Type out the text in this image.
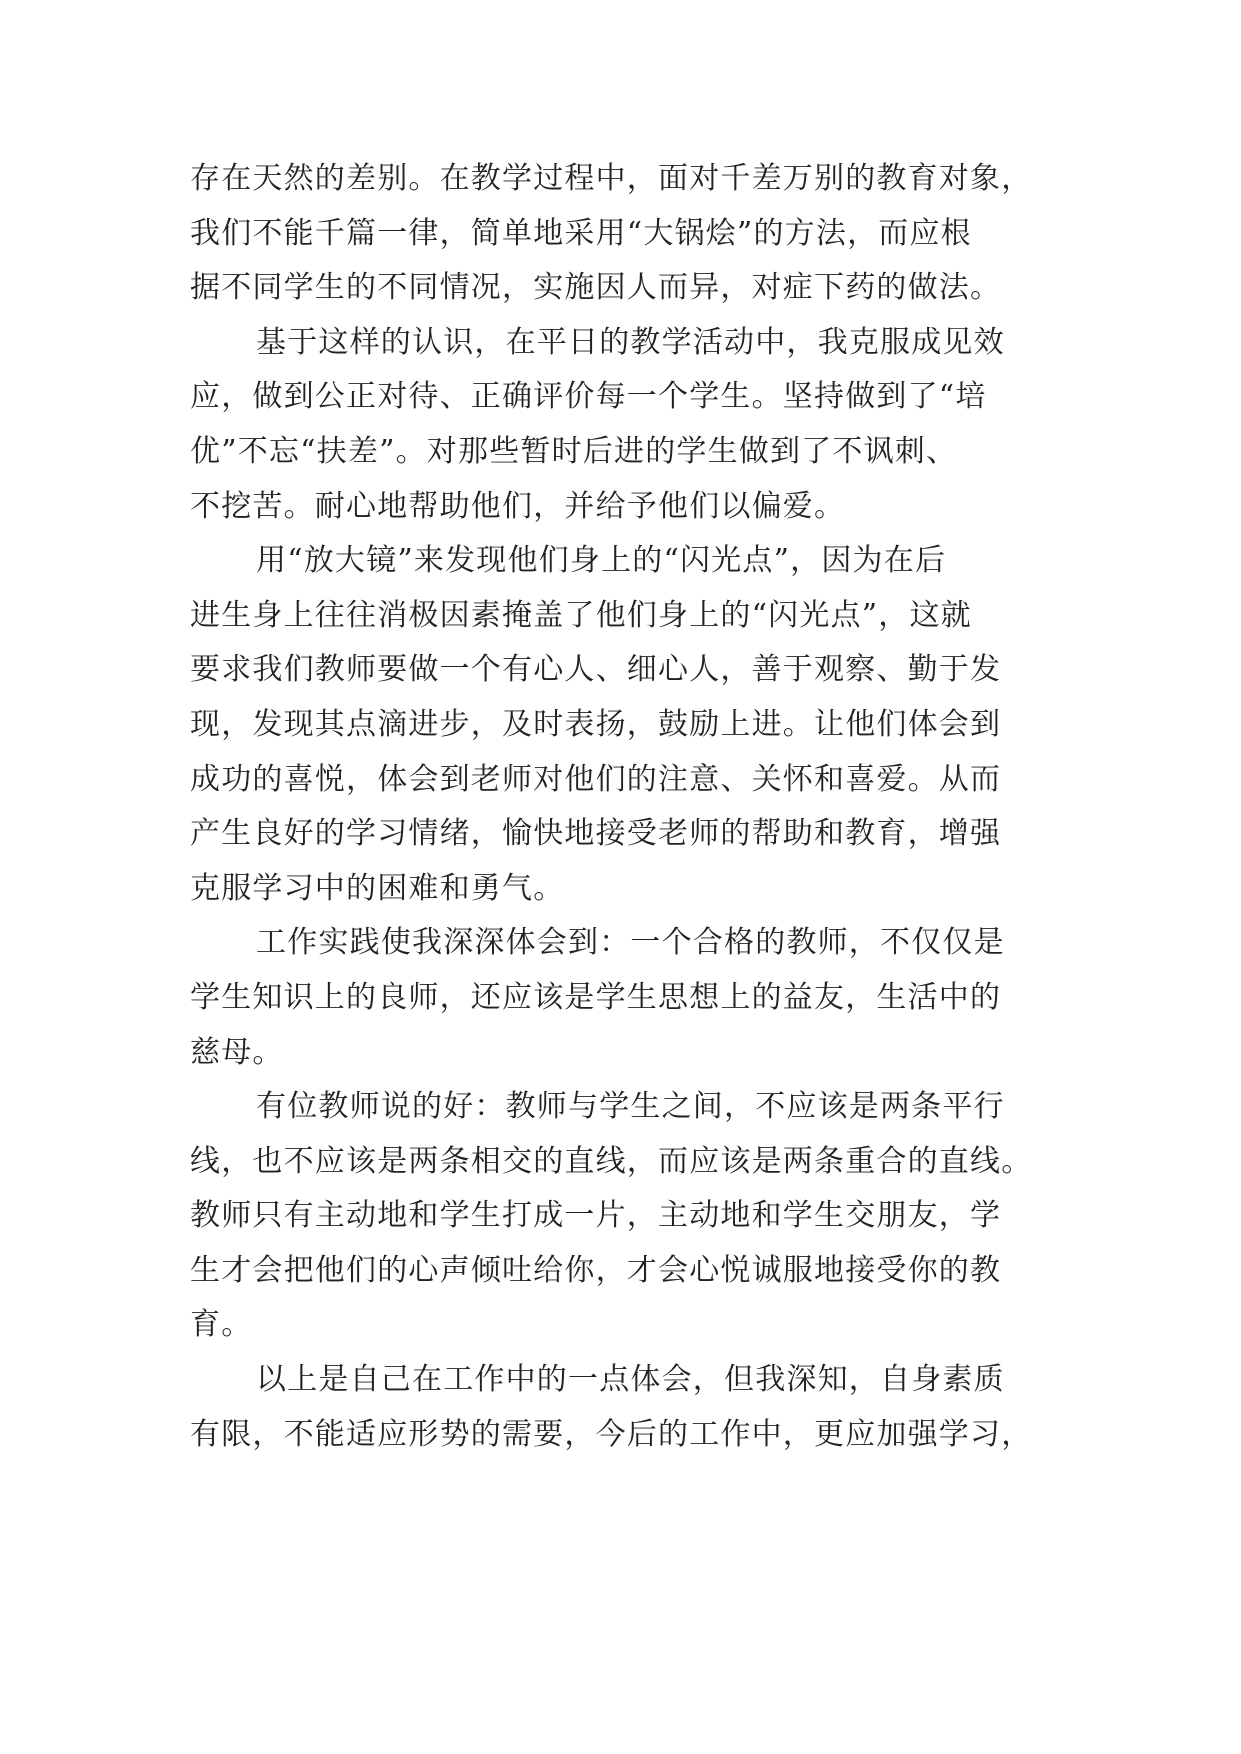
存在天然的差别。在教学过程中，面对千差万别的教育对象，
我们不能千篇一律，简单地采用“大锅烩”的方法，而应根
据不同学生的不同情况，实施因人而异，对症下药的做法。
基于这样的认识，在平日的教学活动中，我克服成见效
应，做到公正对待、正确评价每一个学生。坚持做到了“培
优”不忘“扶差”。对那些暂时后进的学生做到了不讽刺、
不挖苦。耐心地帮助他们，并给予他们以偏爱。
用“放大镜”来发现他们身上的“闪光点”，因为在后
进生身上往往消极因素掩盖了他们身上的“闪光点”，这就
要求我们教师要做一个有心人、细心人，善于观察、勤于发
现，发现其点滴进步，及时表扬，鼓励上进。让他们体会到
成功的喜悦，体会到老师对他们的注意、关怀和喜爱。从而
产生良好的学习情绪，愉快地接受老师的帮助和教育，增强
克服学习中的困难和勇气。
工作实践使我深深体会到：一个合格的教师，不仅仅是
学生知识上的良师，还应该是学生思想上的益友，生活中的
慈母。
有位教师说的好：教师与学生之间，不应该是两条平行
线，也不应该是两条相交的直线，而应该是两条重合的直线。
教师只有主动地和学生打成一片，主动地和学生交朋友，学
生才会把他们的心声倾吐给你，才会心悦诚服地接受你的教
育。
以上是自己在工作中的一点体会，但我深知，自身素质
有限，不能适应形势的需要，今后的工作中，更应加强学习，
